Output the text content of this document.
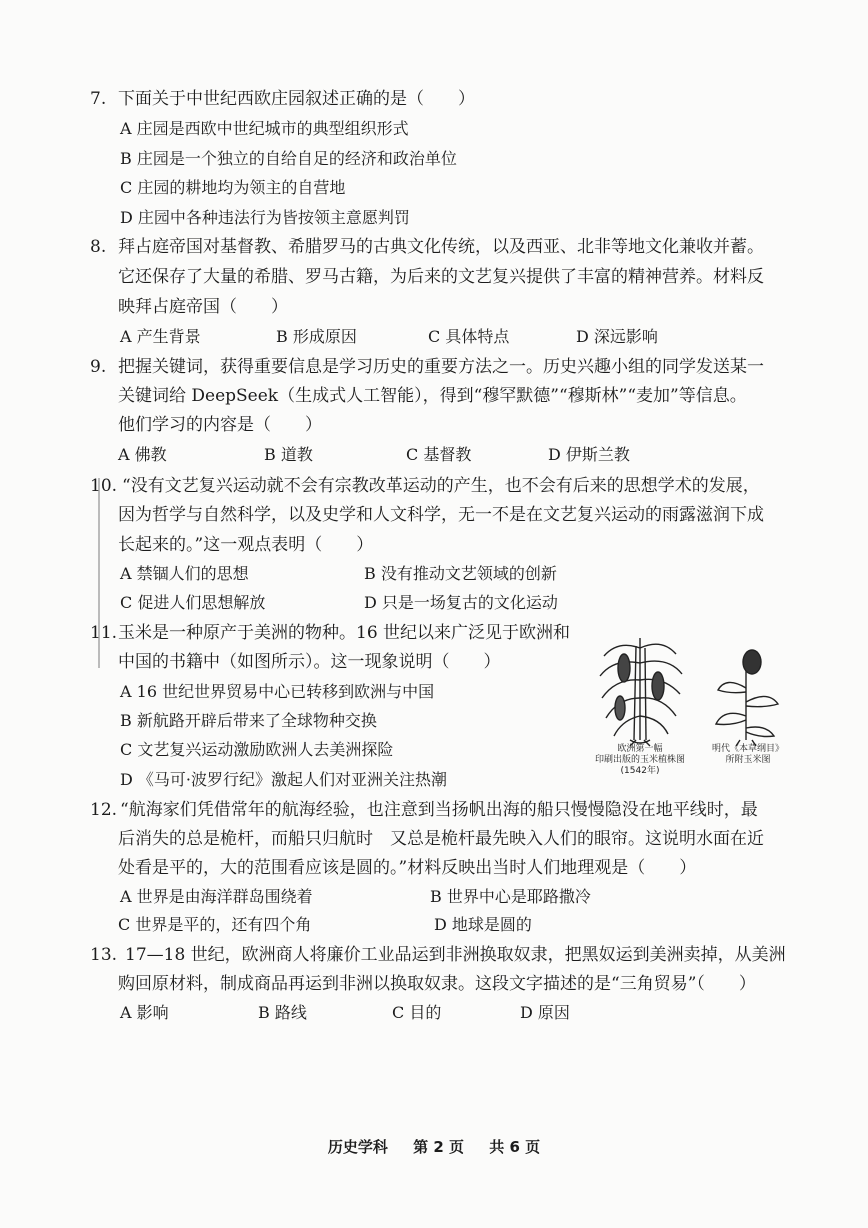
7. 下面关于中世纪西欧庄园叙述正确的是（　　）
A 庄园是西欧中世纪城市的典型组织形式
B 庄园是一个独立的自给自足的经济和政治单位
C 庄园的耕地均为领主的自营地
D 庄园中各种违法行为皆按领主意愿判罚
8. 拜占庭帝国对基督教、希腊罗马的古典文化传统，以及西亚、北非等地文化兼收并蓄。
它还保存了大量的希腊、罗马古籍，为后来的文艺复兴提供了丰富的精神营养。材料反
映拜占庭帝国（　　）
A 产生背景	B 形成原因	C 具体特点	D 深远影响
9. 把握关键词，获得重要信息是学习历史的重要方法之一。历史兴趣小组的同学发送某一
关键词给 DeepSeek（生成式人工智能），得到“穆罕默德”“穆斯林”“麦加”等信息。
他们学习的内容是（　　）
A 佛教	B 道教	C 基督教	D 伊斯兰教
10. “没有文艺复兴运动就不会有宗教改革运动的产生，也不会有后来的思想学术的发展，
因为哲学与自然科学，以及史学和人文科学，无一不是在文艺复兴运动的雨露滋润下成
长起来的。”这一观点表明（　　）
A 禁锢人们的思想	B 没有推动文艺领域的创新
C 促进人们思想解放	D 只是一场复古的文化运动
11. 玉米是一种原产于美洲的物种。16 世纪以来广泛见于欧洲和
中国的书籍中（如图所示）。这一现象说明（　　）
A 16 世纪世界贸易中心已转移到欧洲与中国
B 新航路开辟后带来了全球物种交换
C 文艺复兴运动激励欧洲人去美洲探险
D 《马可·波罗行纪》激起人们对亚洲关注热潮
欧洲第一幅
印刷出版的玉米植株图
(1542年)
明代《本草纲目》
所附玉米图
12. “航海家们凭借常年的航海经验，也注意到当扬帆出海的船只慢慢隐没在地平线时，最
后消失的总是桅杆，而船只归航时　又总是桅杆最先映入人们的眼帘。这说明水面在近
处看是平的，大的范围看应该是圆的。”材料反映出当时人们地理观是（　　）
A 世界是由海洋群岛围绕着	B 世界中心是耶路撒冷
C 世界是平的，还有四个角	D 地球是圆的
13. 17—18 世纪，欧洲商人将廉价工业品运到非洲换取奴隶，把黑奴运到美洲卖掉，从美洲
购回原材料，制成商品再运到非洲以换取奴隶。这段文字描述的是“三角贸易”（　　）
A 影响	B 路线	C 目的	D 原因
历史学科 第 2 页 共 6 页
